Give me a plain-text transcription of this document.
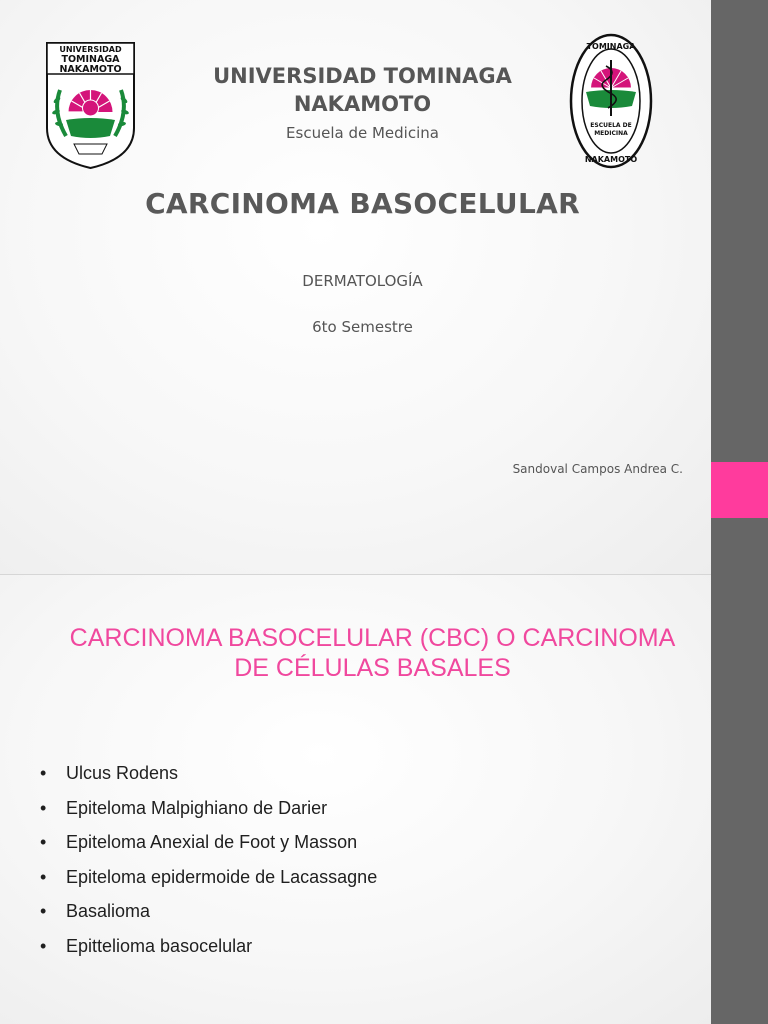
UNIVERSIDAD
TOMINAGA
NAKAMOTO
TOMINAGA
NAKAMOTO
ESCUELA DE
MEDICINA
UNIVERSIDAD TOMINAGA
NAKAMOTO
Escuela de Medicina
CARCINOMA BASOCELULAR
DERMATOLOGÍA
6to Semestre
Sandoval Campos Andrea C.
CARCINOMA BASOCELULAR (CBC) O CARCINOMA
DE CÉLULAS BASALES
• Ulcus Rodens
• Epiteloma Malpighiano de Darier
• Epiteloma Anexial de Foot y Masson
• Epiteloma epidermoide de Lacassagne
• Basalioma
• Epittelioma basocelular
